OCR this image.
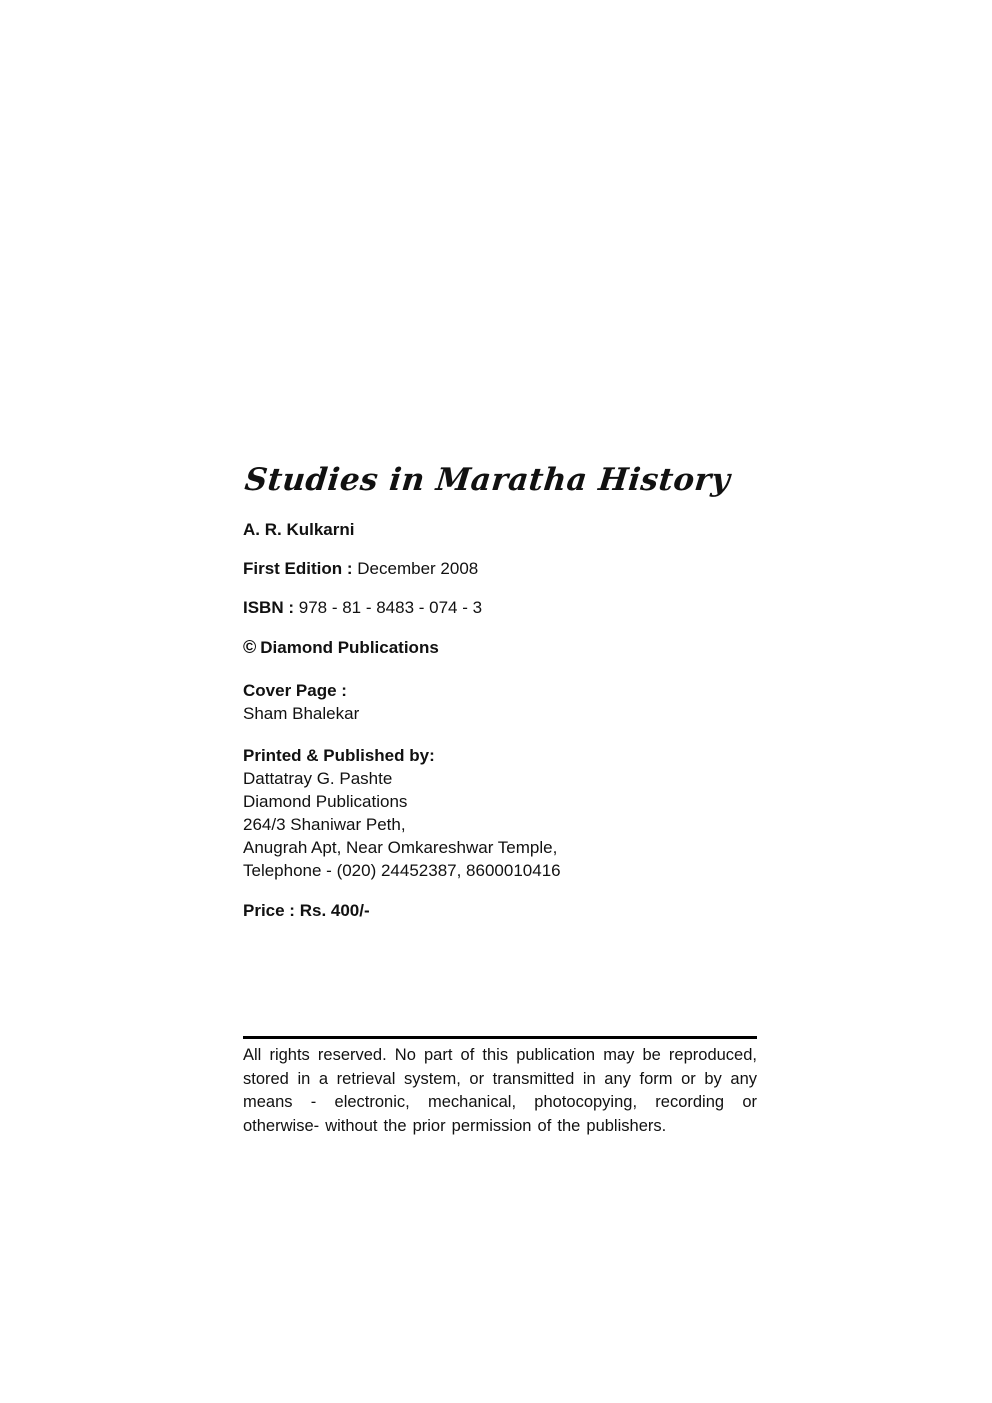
Studies in Maratha History

A. R. Kulkarni

First Edition : December 2008

ISBN : 978 - 81 - 8483 - 074 - 3

© Diamond Publications

Cover Page :
Sham Bhalekar
Printed & Published by:
Dattatray G. Pashte
Diamond Publications
264/3 Shaniwar Peth,
Anugrah Apt, Near Omkareshwar Temple,
Telephone - (020) 24452387, 8600010416

Price : Rs. 400/-

All rights reserved. No part of this publication may be reproduced, stored in a retrieval system, or transmitted in any form or by any means - electronic, mechanical, photocopying, recording or otherwise- without the prior permission of the publishers.
